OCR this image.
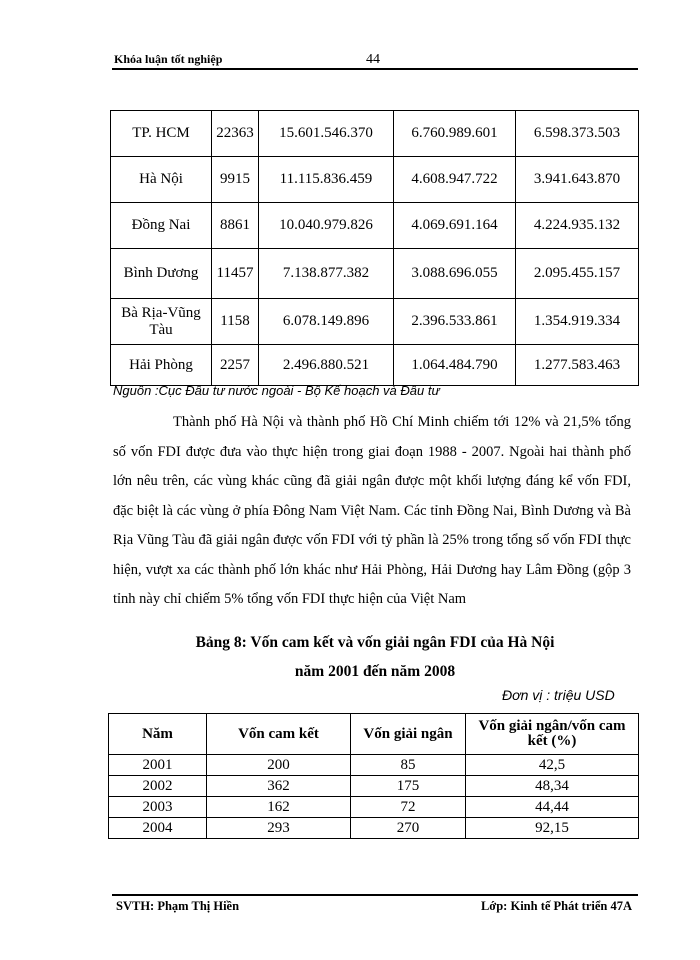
Khóa luận tốt nghiệp	44
TP. HCM	22363	15.601.546.370	6.760.989.601	6.598.373.503
Hà Nội	9915	11.115.836.459	4.608.947.722	3.941.643.870
Đồng Nai	8861	10.040.979.826	4.069.691.164	4.224.935.132
Bình Dương	11457	7.138.877.382	3.088.696.055	2.095.455.157
Bà Rịa-Vũng Tàu	1158	6.078.149.896	2.396.533.861	1.354.919.334
Hải Phòng	2257	2.496.880.521	1.064.484.790	1.277.583.463
Nguồn :Cục Đầu tư nước ngoài - Bộ Kế hoạch và Đầu tư

Thành phố Hà Nội và thành phố Hồ Chí Minh chiếm tới 12% và 21,5% tổng số vốn FDI được đưa vào thực hiện trong giai đoạn 1988 - 2007. Ngoài hai thành phố lớn nêu trên, các vùng khác cũng đã giải ngân được một khối lượng đáng kể vốn FDI, đặc biệt là các vùng ở phía Đông Nam Việt Nam. Các tỉnh Đồng Nai, Bình Dương và Bà Rịa Vũng Tàu đã giải ngân được vốn FDI với tỷ phần là 25% trong tổng số vốn FDI thực hiện, vượt xa các thành phố lớn khác như Hải Phòng, Hải Dương hay Lâm Đồng (gộp 3 tỉnh này chỉ chiếm 5% tổng vốn FDI thực hiện của Việt Nam

Bảng 8: Vốn cam kết và vốn giải ngân FDI của Hà Nội
năm 2001 đến năm 2008
Đơn vị : triệu USD
Năm	Vốn cam kết	Vốn giải ngân	Vốn giải ngân/vốn cam kết (%)
2001	200	85	42,5
2002	362	175	48,34
2003	162	72	44,44
2004	293	270	92,15
SVTH: Phạm Thị Hiền	Lớp: Kinh tế Phát triển 47A
